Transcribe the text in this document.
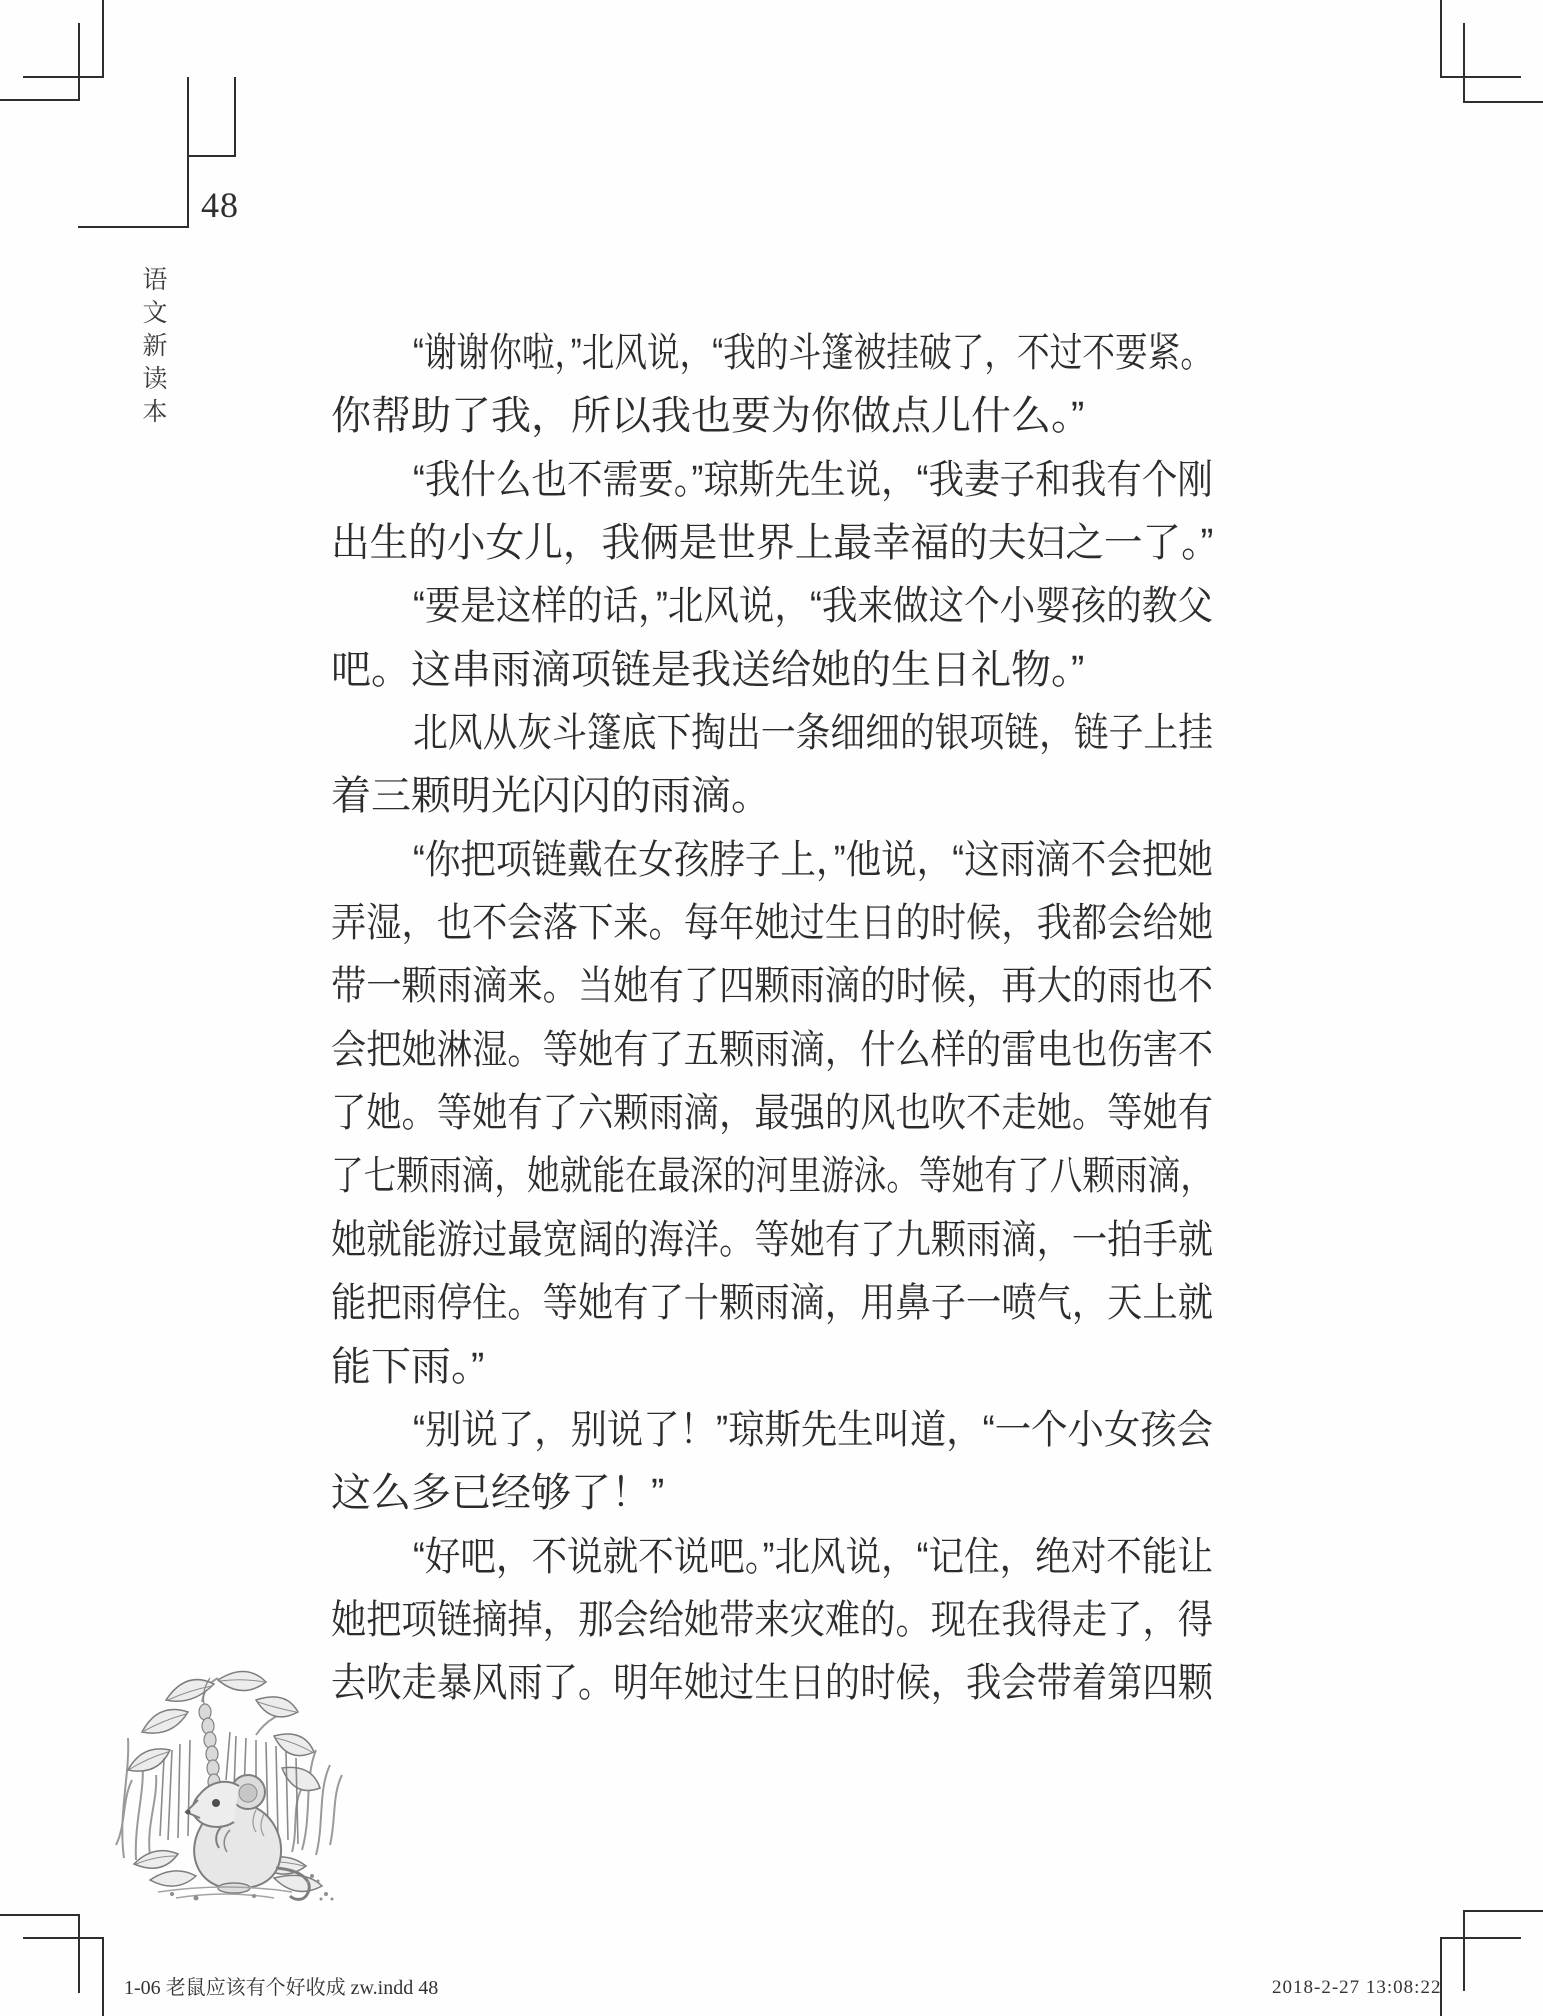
48
语文新读本	“谢谢你啦，”北风说，“我的斗篷被挂破了，不过不要紧。
你帮助了我，所以我也要为你做点儿什么。”
“我什么也不需要。”琼斯先生说，“我妻子和我有个刚
出生的小女儿，我俩是世界上最幸福的夫妇之一了。”
“要是这样的话，”北风说，“我来做这个小婴孩的教父
吧。这串雨滴项链是我送给她的生日礼物。”
北风从灰斗篷底下掏出一条细细的银项链，链子上挂
着三颗明光闪闪的雨滴。
“你把项链戴在女孩脖子上，”他说，“这雨滴不会把她
弄湿，也不会落下来。每年她过生日的时候，我都会给她
带一颗雨滴来。当她有了四颗雨滴的时候，再大的雨也不
会把她淋湿。等她有了五颗雨滴，什么样的雷电也伤害不
了她。等她有了六颗雨滴，最强的风也吹不走她。等她有
了七颗雨滴，她就能在最深的河里游泳。等她有了八颗雨滴，
她就能游过最宽阔的海洋。等她有了九颗雨滴，一拍手就
能把雨停住。等她有了十颗雨滴，用鼻子一喷气，天上就
能下雨。”
“别说了，别说了！”琼斯先生叫道，“一个小女孩会
这么多已经够了！”
“好吧，不说就不说吧。”北风说，“记住，绝对不能让
她把项链摘掉，那会给她带来灾难的。现在我得走了，得
去吹走暴风雨了。明年她过生日的时候，我会带着第四颗
1-06 老鼠应该有个好收成 zw.indd 48	2018-2-27 13:08:22
